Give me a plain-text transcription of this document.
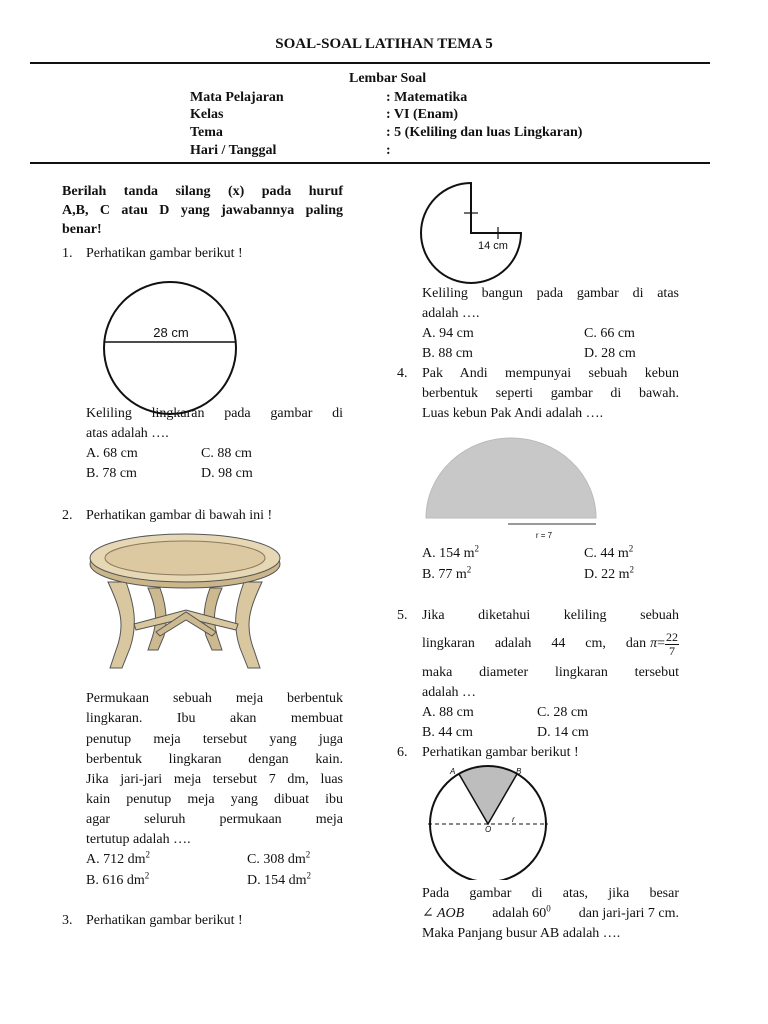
SOAL-SOAL LATIHAN TEMA 5
Lembar Soal
Mata Pelajaran	: Matematika
Kelas	: VI (Enam)
Tema	: 5 (Keliling dan luas Lingkaran)
Hari / Tanggal	:
Berilah tanda silang (x) pada huruf
A,B, C atau D yang jawabannya paling
benar!
1. Perhatikan gambar berikut !
28 cm
Keliling lingkaran pada gambar di
atas adalah ….
A. 68 cm	C. 88 cm
B. 78 cm	D. 98 cm
2. Perhatikan gambar di bawah ini !
Permukaan sebuah meja berbentuk
lingkaran. Ibu akan membuat
penutup meja tersebut yang juga
berbentuk lingkaran dengan kain.
Jika jari-jari meja tersebut 7 dm, luas
kain penutup meja yang dibuat ibu
agar seluruh permukaan meja
tertutup adalah ….
A. 712 $dm^2$	C. 308 $dm^2$
B. 616 $dm^2$	D. 154 $dm^2$
3. Perhatikan gambar berikut !
14 cm
Keliling bangun pada gambar di atas
adalah ….
A. 94 cm	C. 66 cm
B. 88 cm	D. 28 cm
4. Pak Andi mempunyai sebuah kebun
berbentuk seperti gambar di bawah.
Luas kebun Pak Andi adalah ….
r = 7
A. 154 $m^2$	C. 44 $m^2$
B. 77 $m^2$	D. 22 $m^2$
5. Jika diketahui keliling sebuah
lingkaran adalah 44 cm, dan $\pi = \frac{22}{7}$
maka diameter lingkaran tersebut
adalah …
A. 88 cm	C. 28 cm
B. 44 cm	D. 14 cm
6. Perhatikan gambar berikut !
A	B
O
r
Pada gambar di atas, jika besar
∠ AOB adalah $60^0$ dan jari-jari 7 cm.
Maka Panjang busur AB adalah ….
